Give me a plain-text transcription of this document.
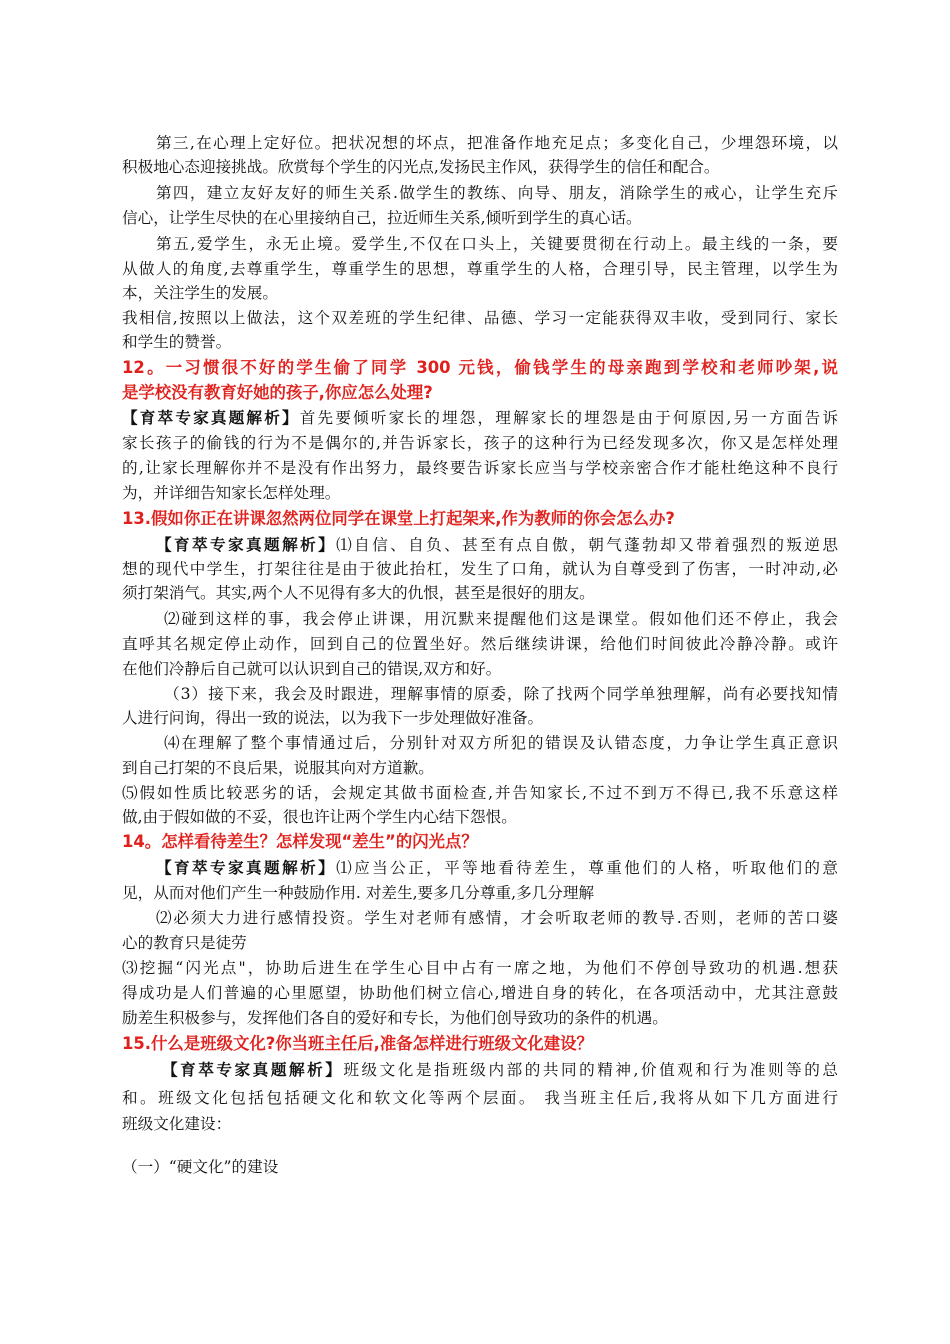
第三,在心理上定好位。把状况想的坏点，把准备作地充足点；多变化自己，少埋怨环境，以
积极地心态迎接挑战。欣赏每个学生的闪光点,发扬民主作风，获得学生的信任和配合。
第四，建立友好友好的师生关系.做学生的教练、向导、朋友，消除学生的戒心，让学生充斥
信心，让学生尽快的在心里接纳自己，拉近师生关系,倾听到学生的真心话。
第五,爱学生，永无止境。爱学生,不仅在口头上，关键要贯彻在行动上。最主线的一条，要
从做人的角度,去尊重学生，尊重学生的思想，尊重学生的人格，合理引导，民主管理，以学生为
本，关注学生的发展。
我相信,按照以上做法，这个双差班的学生纪律、品德、学习一定能获得双丰收，受到同行、家长
和学生的赞誉。
12。一习惯很不好的学生偷了同学 300 元钱，偷钱学生的母亲跑到学校和老师吵架,说
是学校没有教育好她的孩子,你应怎么处理?
【育萃专家真题解析】首先要倾听家长的埋怨，理解家长的埋怨是由于何原因,另一方面告诉
家长孩子的偷钱的行为不是偶尔的,并告诉家长，孩子的这种行为已经发现多次，你又是怎样处理
的,让家长理解你并不是没有作出努力，最终要告诉家长应当与学校亲密合作才能杜绝这种不良行
为，并详细告知家长怎样处理。
13.假如你正在讲课忽然两位同学在课堂上打起架来,作为教师的你会怎么办?
【育萃专家真题解析】⑴自信、自负、甚至有点自傲，朝气蓬勃却又带着强烈的叛逆思
想的现代中学生，打架往往是由于彼此抬杠，发生了口角，就认为自尊受到了伤害，一时冲动,必
须打架消气。其实,两个人不见得有多大的仇恨，甚至是很好的朋友。
⑵碰到这样的事，我会停止讲课，用沉默来提醒他们这是课堂。假如他们还不停止，我会
直呼其名规定停止动作，回到自己的位置坐好。然后继续讲课，给他们时间彼此冷静冷静。或许
在他们冷静后自己就可以认识到自己的错误,双方和好。
（3）接下来，我会及时跟进，理解事情的原委，除了找两个同学单独理解，尚有必要找知情
人进行问询，得出一致的说法，以为我下一步处理做好准备。
⑷在理解了整个事情通过后，分别针对双方所犯的错误及认错态度，力争让学生真正意识
到自己打架的不良后果，说服其向对方道歉。
⑸假如性质比较恶劣的话，会规定其做书面检查,并告知家长,不过不到万不得已,我不乐意这样
做,由于假如做的不妥，很也许让两个学生内心结下怨恨。
14。怎样看待差生？怎样发现“差生”的闪光点？
【育萃专家真题解析】⑴应当公正，平等地看待差生，尊重他们的人格，听取他们的意
见，从而对他们产生一种鼓励作用. 对差生,要多几分尊重,多几分理解
⑵必须大力进行感情投资。学生对老师有感情，才会听取老师的教导.否则，老师的苦口婆
心的教育只是徒劳
⑶挖掘“闪光点"，协助后进生在学生心目中占有一席之地，为他们不停创导致功的机遇.想获
得成功是人们普遍的心里愿望，协助他们树立信心,增进自身的转化，在各项活动中，尤其注意鼓
励差生积极参与，发挥他们各自的爱好和专长，为他们创导致功的条件的机遇。
15.什么是班级文化?你当班主任后,准备怎样进行班级文化建设？
【育萃专家真题解析】班级文化是指班级内部的共同的精神,价值观和行为准则等的总
和。班级文化包括包括硬文化和软文化等两个层面。 我当班主任后,我将从如下几方面进行
班级文化建设：
（一）“硬文化”的建设
